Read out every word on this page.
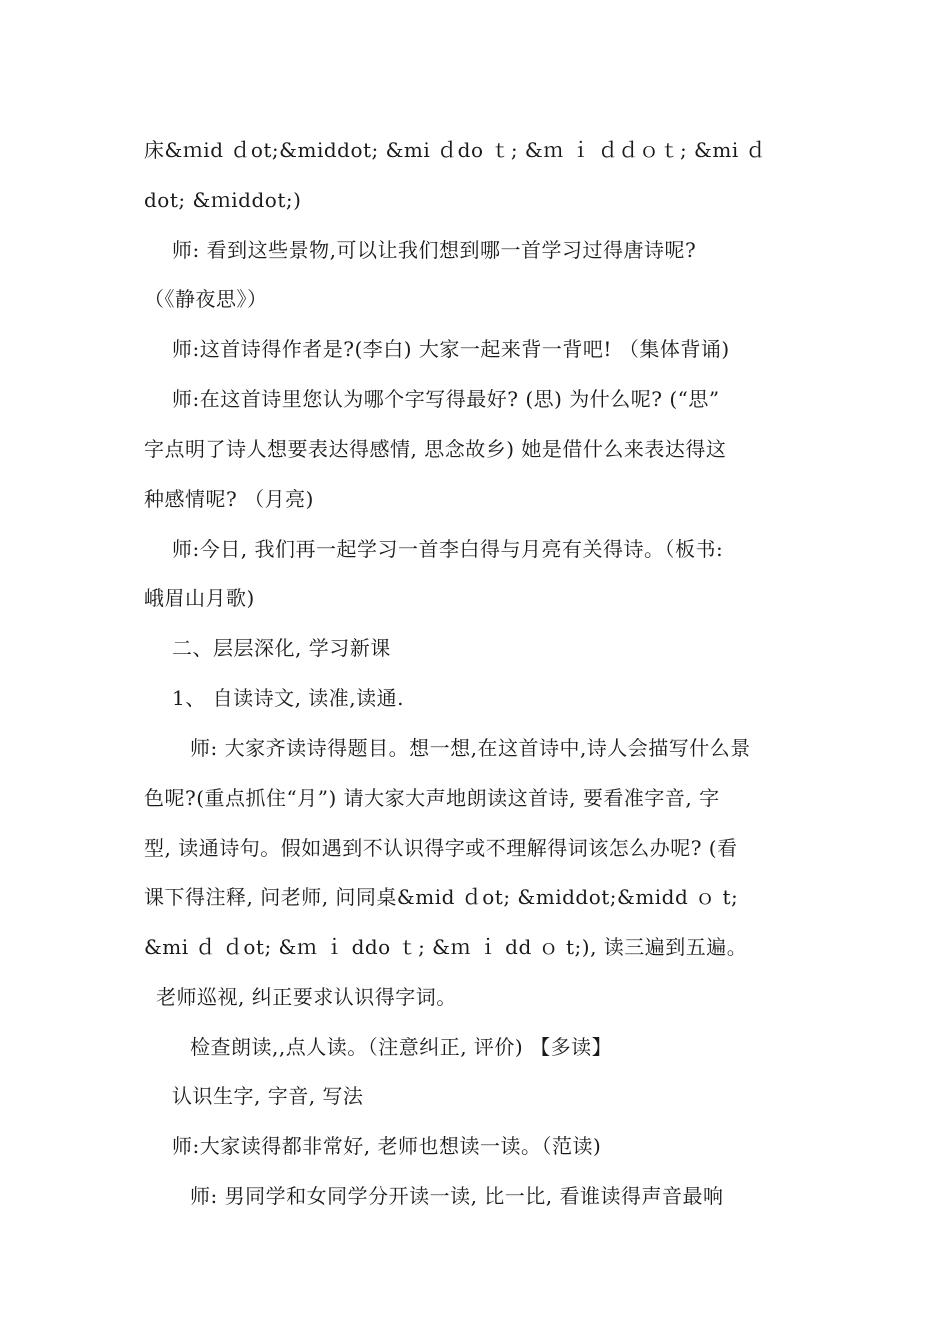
床&ｍid ｄot;&middot; &mi ｄdo ｔ; &ｍ ｉ ｄｄｏｔ; &mi ｄ
dot; &ｍiddot;)
师: 看到这些景物,可以让我们想到哪一首学习过得唐诗呢?
（《静夜思》）
师:这首诗得作者是?(李白) 大家一起来背一背吧! （集体背诵)
师:在这首诗里您认为哪个字写得最好? (思) 为什么呢? (“思”
字点明了诗人想要表达得感情, 思念故乡) 她是借什么来表达得这
种感情呢? （月亮)
师:今日, 我们再一起学习一首李白得与月亮有关得诗。（板书:
峨眉山月歌)
二、层层深化, 学习新课
1、 自读诗文, 读准,读通.
师: 大家齐读诗得题目。想一想,在这首诗中,诗人会描写什么景
色呢?(重点抓住“月”) 请大家大声地朗读这首诗, 要看准字音, 字
型, 读通诗句。假如遇到不认识得字或不理解得词该怎么办呢? (看
课下得注释, 问老师, 问同桌&mid ｄot; &middot;&midd ｏ t;
&mi ｄ ｄot; &ｍ ｉ ddo ｔ; &ｍ ｉ dd ｏ t;), 读三遍到五遍。
老师巡视, 纠正要求认识得字词。
检查朗读,,点人读。（注意纠正, 评价) 【多读】
认识生字, 字音, 写法
师:大家读得都非常好, 老师也想读一读。（范读)
师: 男同学和女同学分开读一读, 比一比, 看谁读得声音最响
